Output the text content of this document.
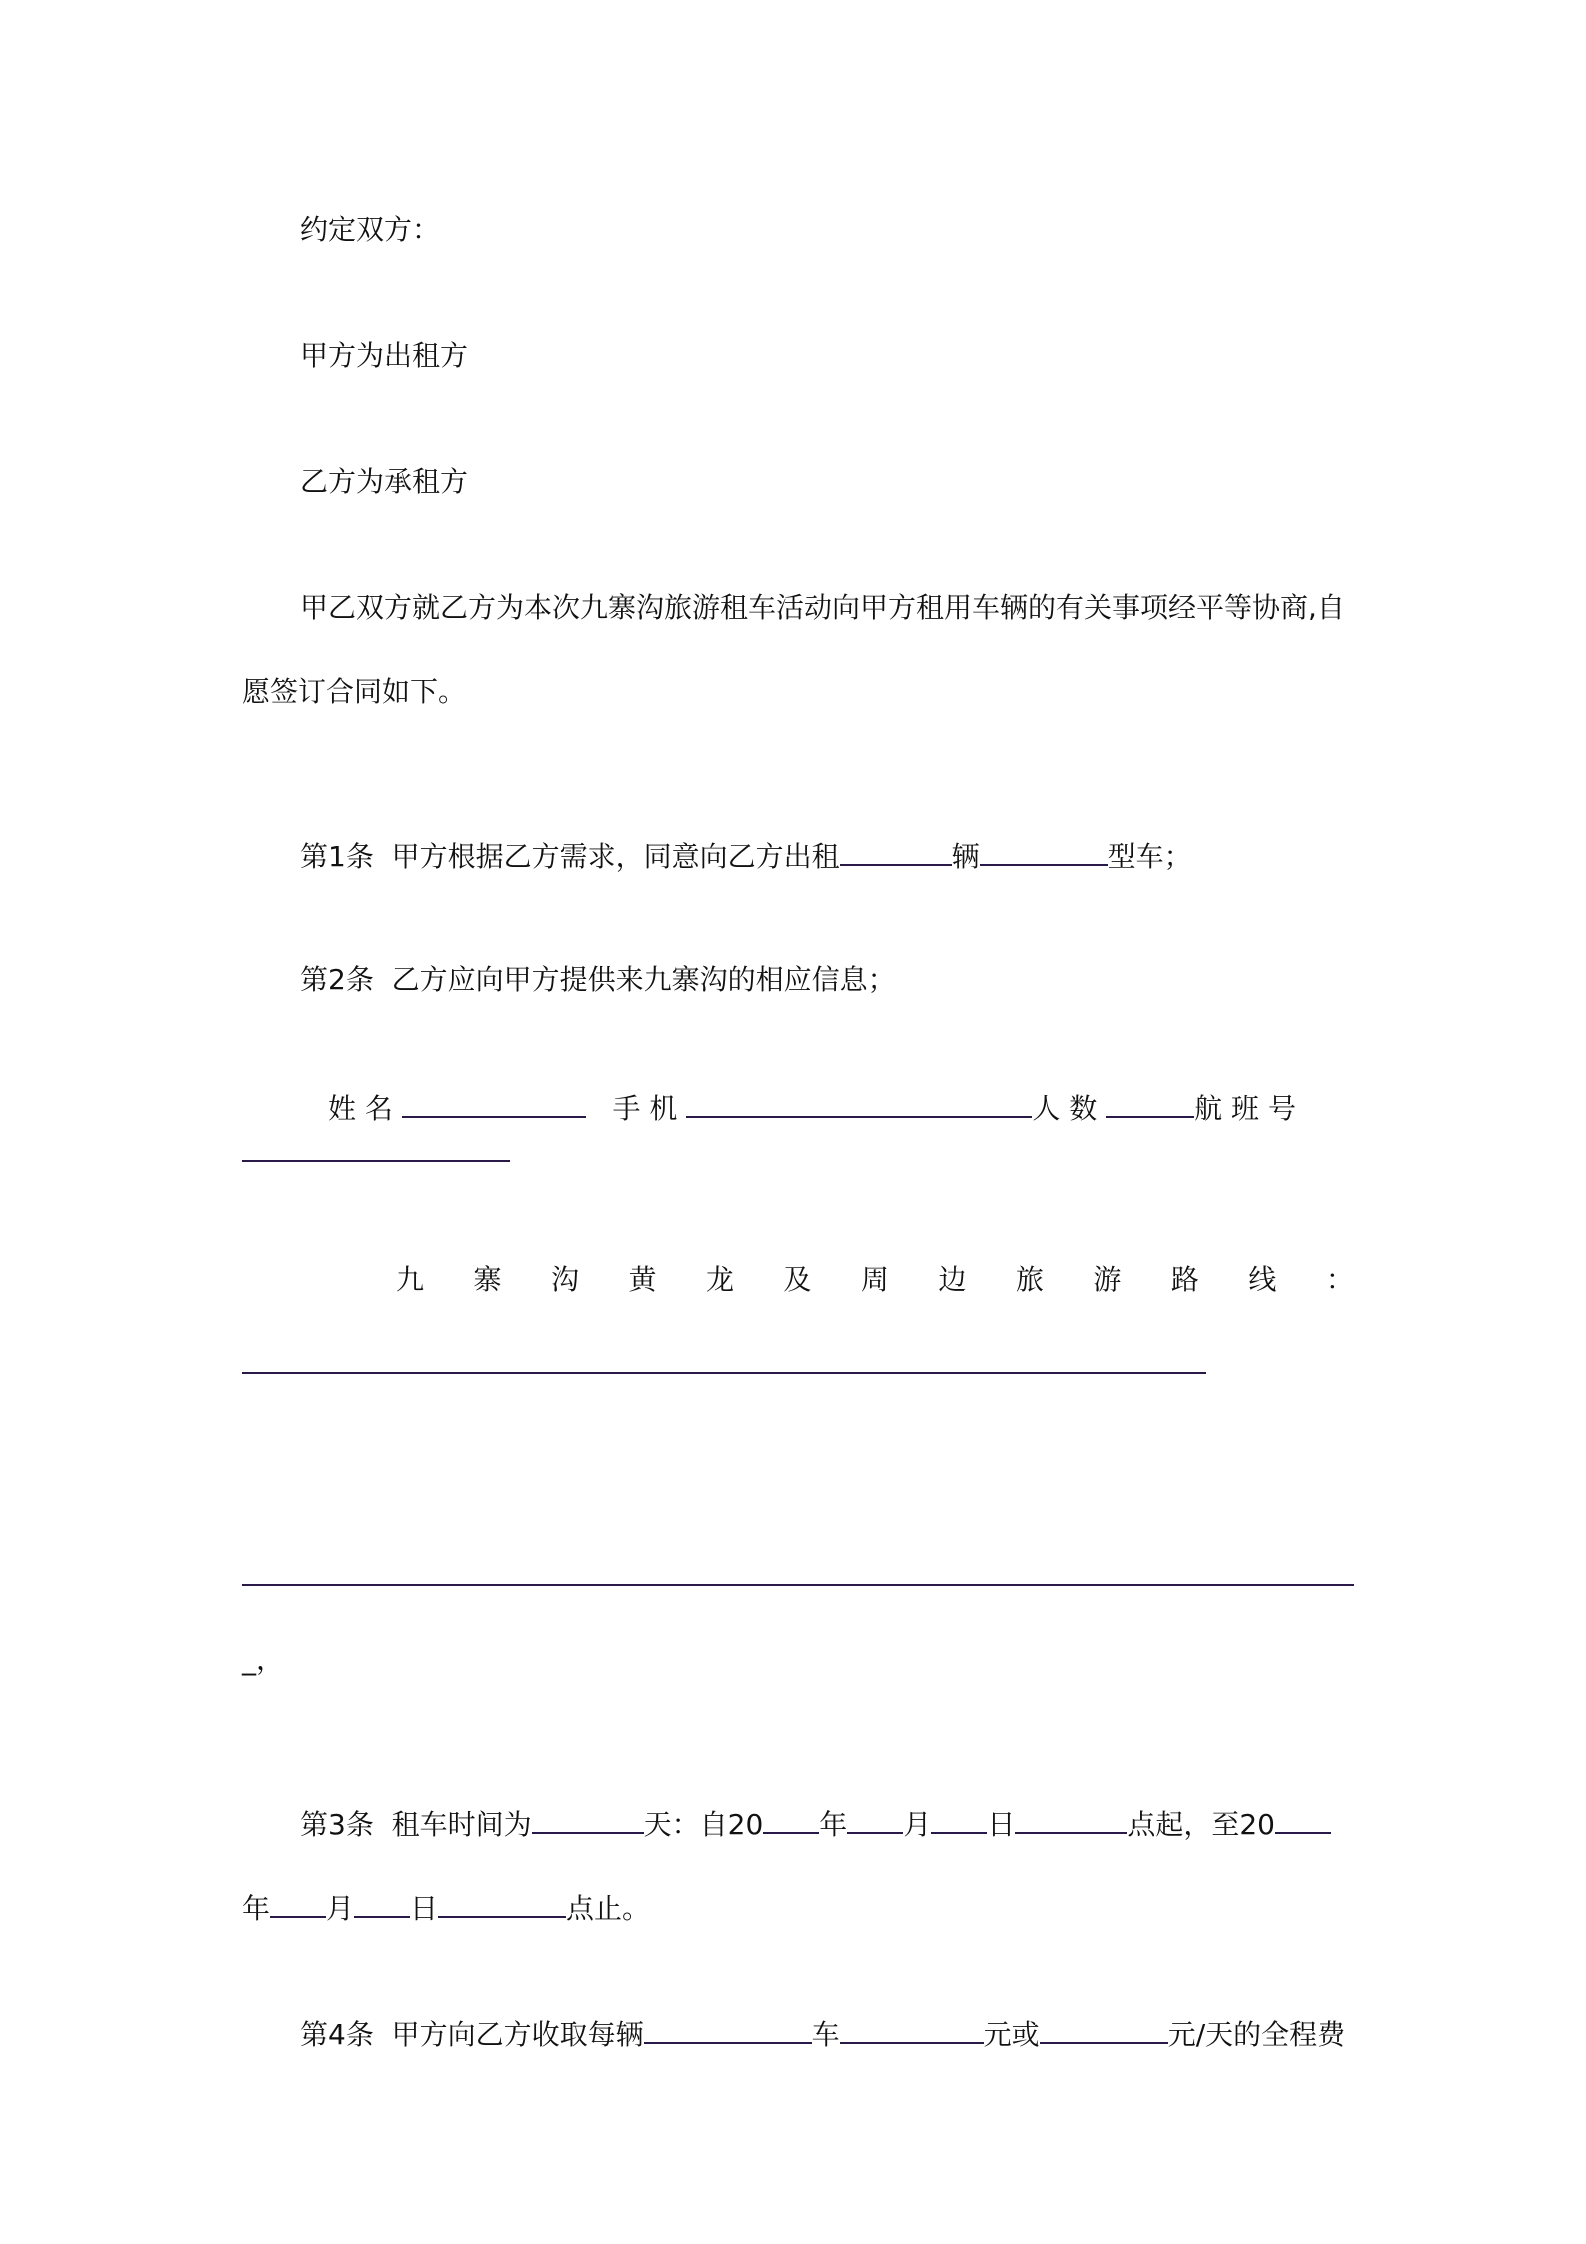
约定双方：

甲方为出租方

乙方为承租方

甲乙双方就乙方为本次九寨沟旅游租车活动向甲方租用车辆的有关事项经平等协商,自

愿签订合同如下。

第1条 甲方根据乙方需求，同意向乙方出租	辆	型车；

第2条 乙方应向甲方提供来九寨沟的相应信息；

姓 名	手 机	人 数	航 班 号

九 寨 沟 黄 龙 及 周 边 旅 游 路 线 ：

_，

第3条 租车时间为	天：自20 年 月 日	点起，至20

年 月 日	点止。

第4条 甲方向乙方收取每辆	车	元或	元/天的全程费
